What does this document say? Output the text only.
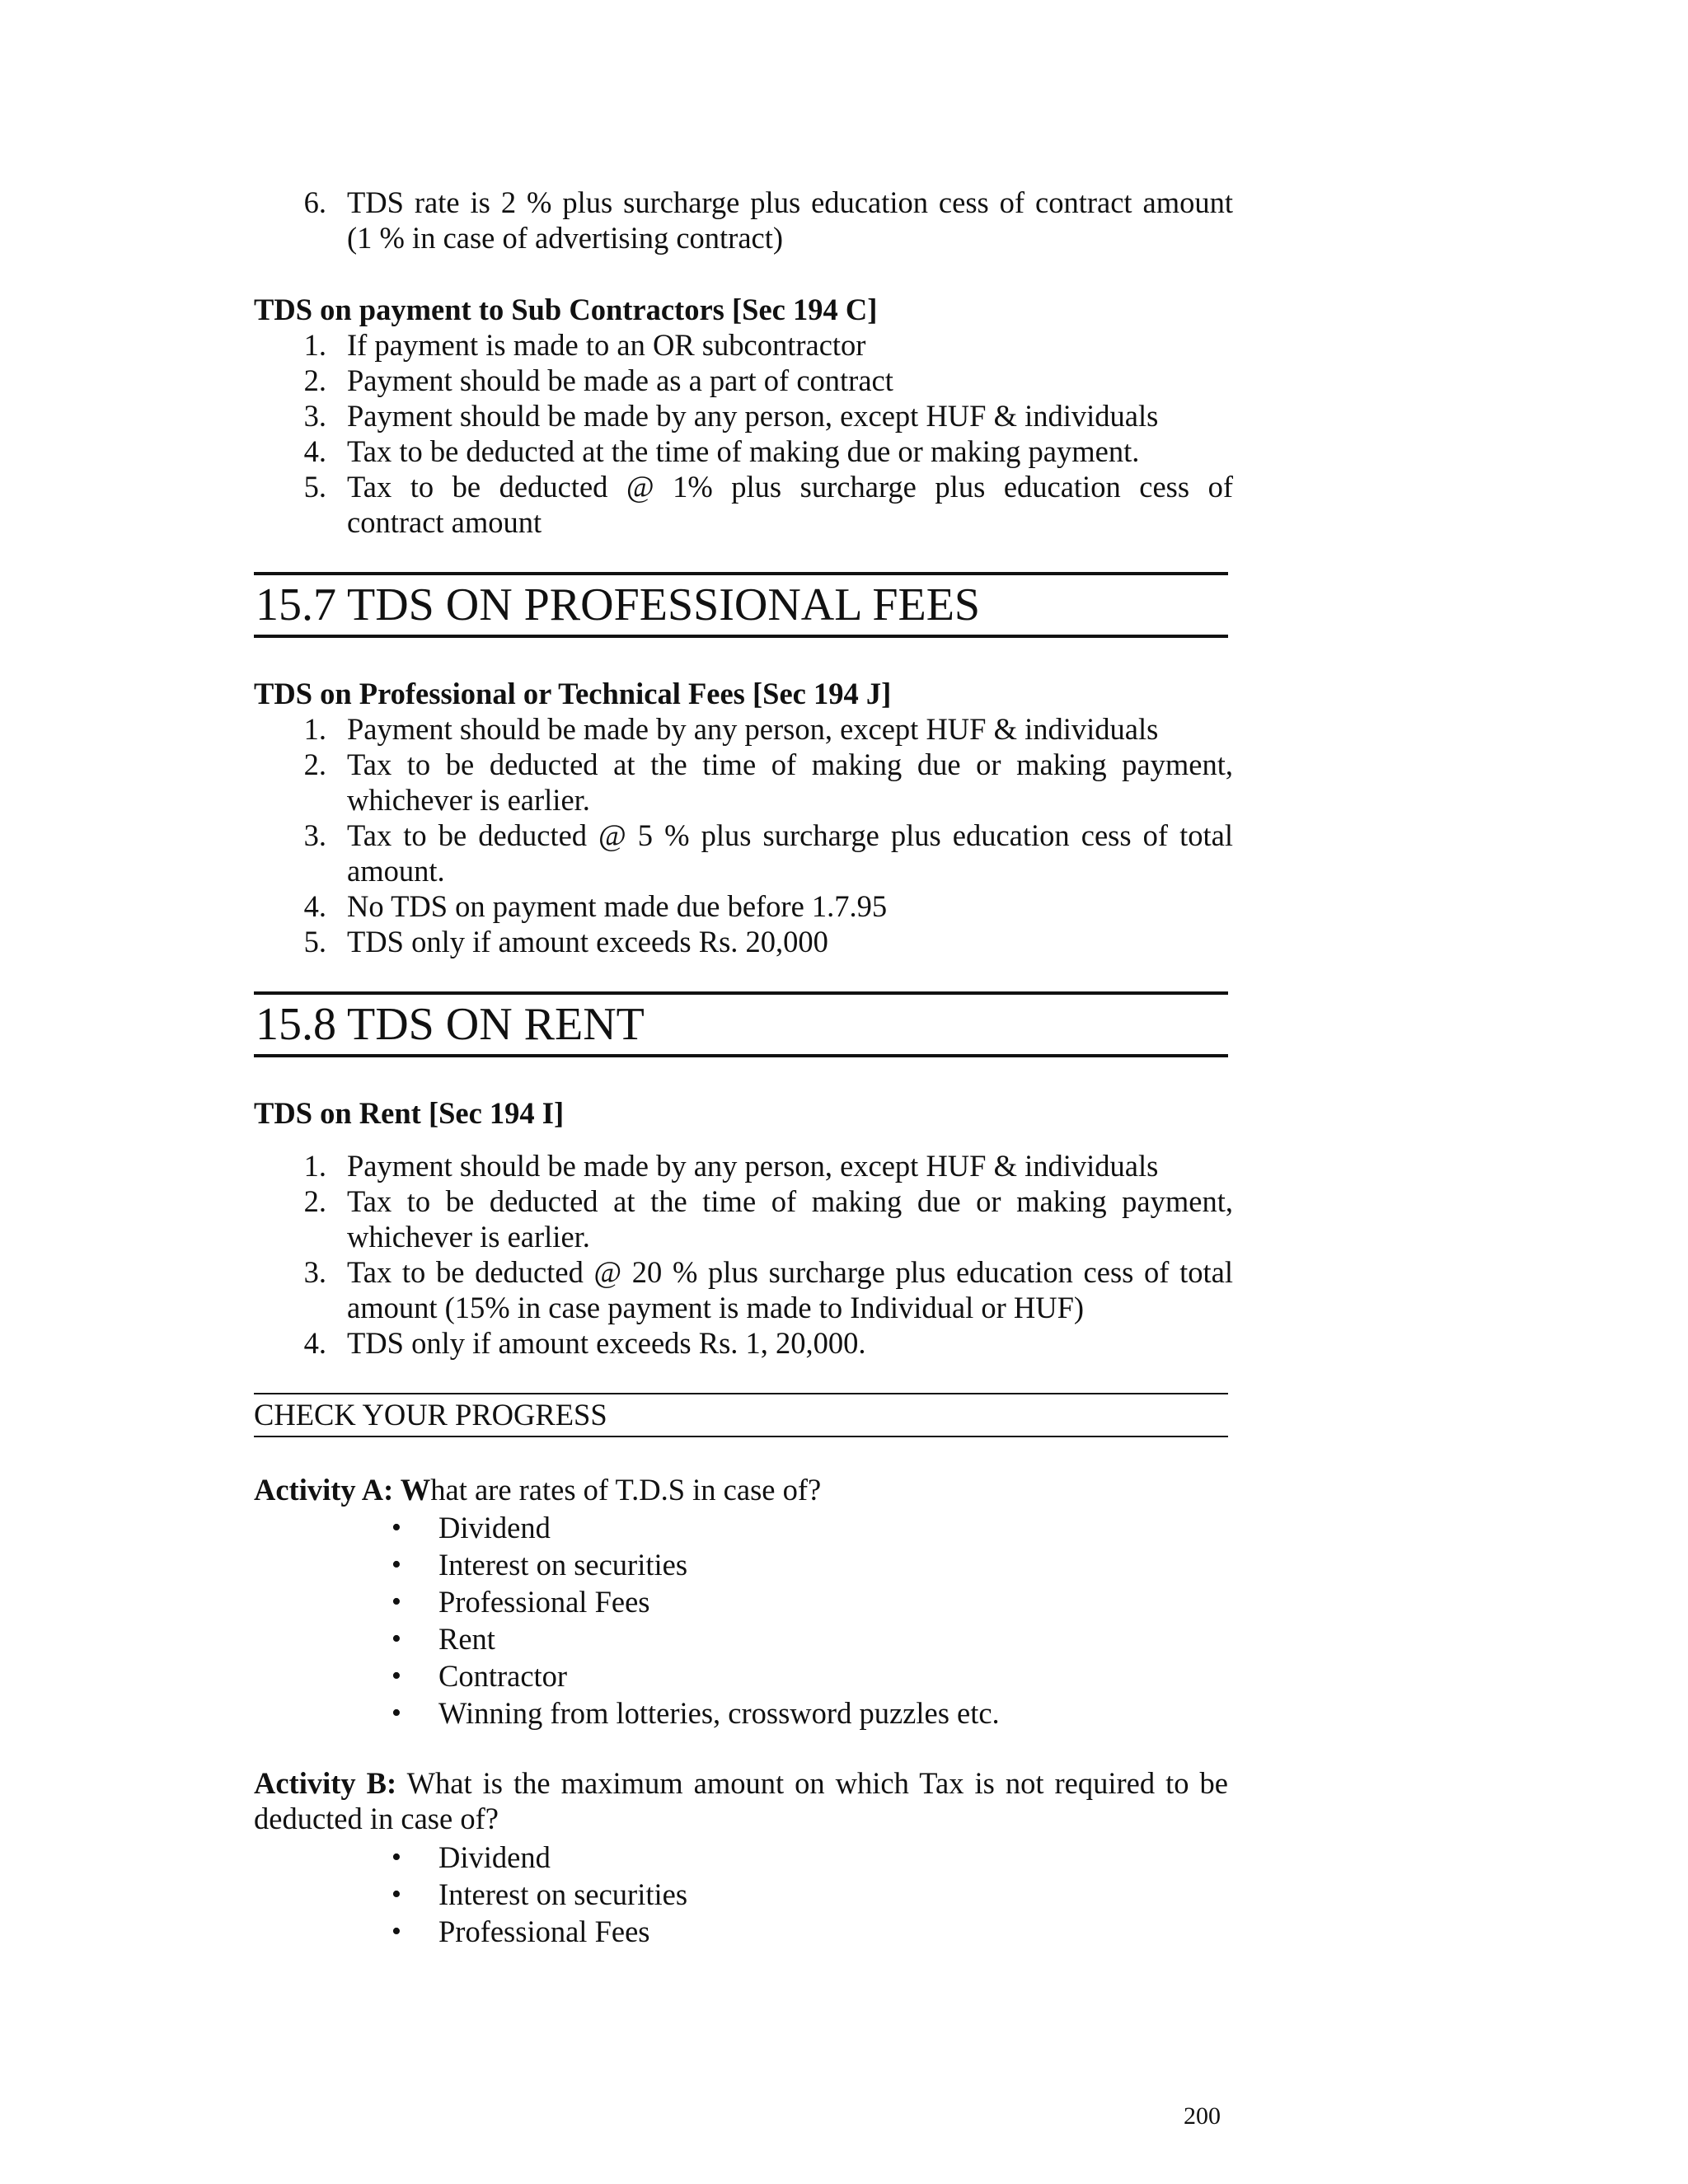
6. TDS rate is 2 % plus surcharge plus education cess of contract amount
(1 % in case of advertising contract)
TDS on payment to Sub Contractors [Sec 194 C]
1. If payment is made to an OR subcontractor
2. Payment should be made as a part of contract
3. Payment should be made by any person, except HUF & individuals
4. Tax to be deducted at the time of making due or making payment.
5. Tax to be deducted @ 1% plus surcharge plus education cess of
contract amount
15.7 TDS ON PROFESSIONAL FEES
TDS on Professional or Technical Fees [Sec 194 J]
1. Payment should be made by any person, except HUF & individuals
2. Tax to be deducted at the time of making due or making payment,
whichever is earlier.
3. Tax to be deducted @ 5 % plus surcharge plus education cess of total
amount.
4. No TDS on payment made due before 1.7.95
5. TDS only if amount exceeds Rs. 20,000
15.8 TDS ON RENT
TDS on Rent [Sec 194 I]
1. Payment should be made by any person, except HUF & individuals
2. Tax to be deducted at the time of making due or making payment,
whichever is earlier.
3. Tax to be deducted @ 20 % plus surcharge plus education cess of total
amount (15% in case payment is made to Individual or HUF)
4. TDS only if amount exceeds Rs. 1, 20,000.
CHECK YOUR PROGRESS
Activity A: What are rates of T.D.S in case of?
• Dividend
• Interest on securities
• Professional Fees
• Rent
• Contractor
• Winning from lotteries, crossword puzzles etc.
Activity B: What is the maximum amount on which Tax is not required to be
deducted in case of?
• Dividend
• Interest on securities
• Professional Fees
200
